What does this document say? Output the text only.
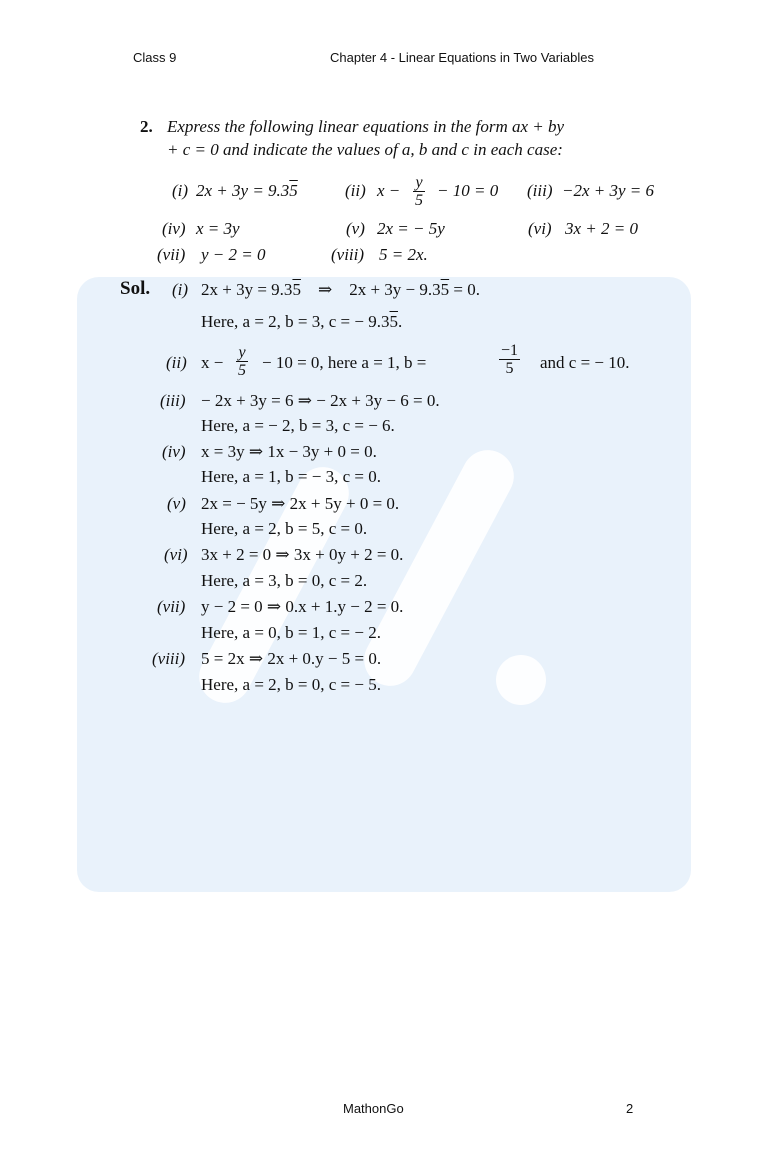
Class 9	Chapter 4 - Linear Equations in Two Variables
2. Express the following linear equations in the form ax + by
+ c = 0 and indicate the values of a, b and c in each case:
(i) 2x + 3y = 9.35	(ii) $x - \frac{y}{5} - 10 = 0$ (iii) −2x + 3y = 6
(iv) x = 3y	(v) 2x = − 5y	(vi) 3x + 2 = 0
(vii) y − 2 = 0	(viii) 5 = 2x.
Sol. (i) 2x + 3y = 9.35 ⇒ 2x + 3y − 9.35 = 0.
Here, a = 2, b = 3, c = − 9.35.
(ii) $x - \frac{y}{5} - 10 = 0$, here a = 1, b =	$\frac{-1}{5}$ and c = − 10.
(iii) − 2x + 3y = 6 ⇒ − 2x + 3y − 6 = 0.
Here, a = − 2, b = 3, c = − 6.
(iv) x = 3y ⇒ 1x − 3y + 0 = 0.
Here, a = 1, b = − 3, c = 0.
(v) 2x = − 5y ⇒ 2x + 5y + 0 = 0.
Here, a = 2, b = 5, c = 0.
(vi) 3x + 2 = 0 ⇒ 3x + 0y + 2 = 0.
Here, a = 3, b = 0, c = 2.
(vii) y − 2 = 0 ⇒ 0.x + 1.y − 2 = 0.
Here, a = 0, b = 1, c = − 2.
(viii) 5 = 2x ⇒ 2x + 0.y − 5 = 0.
Here, a = 2, b = 0, c = − 5.
MathonGo	2
